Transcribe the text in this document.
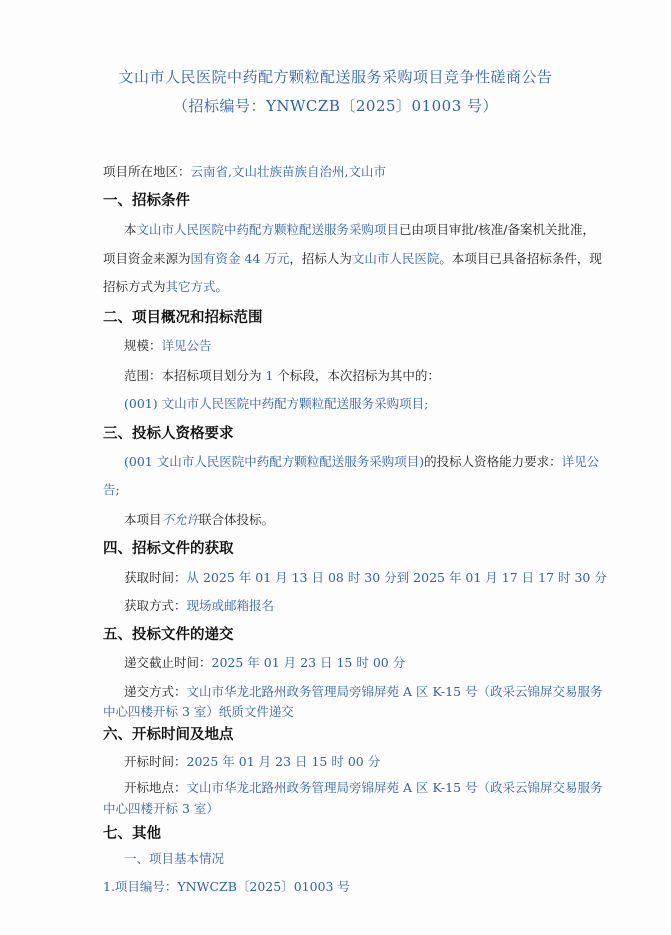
文山市人民医院中药配方颗粒配送服务采购项目竞争性磋商公告
（招标编号：YNWCZB〔2025〕01003 号）
项目所在地区：云南省,文山壮族苗族自治州,文山市
一、招标条件
本文山市人民医院中药配方颗粒配送服务采购项目已由项目审批/核准/备案机关批准，
项目资金来源为国有资金 44 万元，招标人为文山市人民医院。本项目已具备招标条件，现
招标方式为其它方式。
二、项目概况和招标范围
规模：详见公告
范围：本招标项目划分为 1 个标段，本次招标为其中的：
(001) 文山市人民医院中药配方颗粒配送服务采购项目;
三、投标人资格要求
(001 文山市人民医院中药配方颗粒配送服务采购项目)的投标人资格能力要求：详见公
告;
本项目不允许联合体投标。
四、招标文件的获取
获取时间：从 2025 年 01 月 13 日 08 时 30 分到 2025 年 01 月 17 日 17 时 30 分
获取方式：现场或邮箱报名
五、投标文件的递交
递交截止时间：2025 年 01 月 23 日 15 时 00 分
递交方式：文山市华龙北路州政务管理局旁锦屏苑 A 区 K-15 号（政采云锦屏交易服务
中心四楼开标 3 室）纸质文件递交
六、开标时间及地点
开标时间：2025 年 01 月 23 日 15 时 00 分
开标地点：文山市华龙北路州政务管理局旁锦屏苑 A 区 K-15 号（政采云锦屏交易服务
中心四楼开标 3 室）
七、其他
一、项目基本情况
1.项目编号：YNWCZB〔2025〕01003 号
